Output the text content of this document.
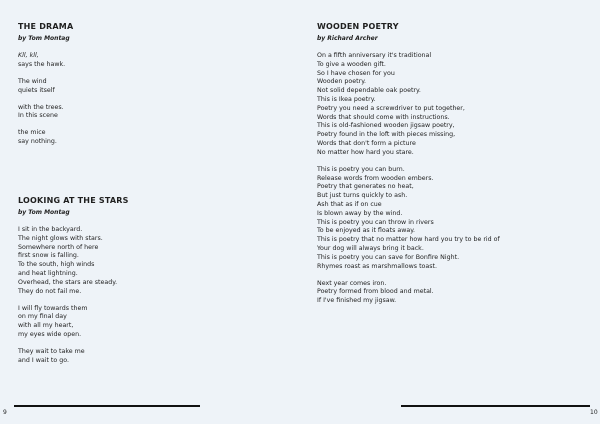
THE DRAMA

by Tom Montag

Kll, kll,
says the hawk.
The wind
quiets itself
with the trees.
In this scene
the mice
say nothing.
LOOKING AT THE STARS

by Tom Montag

I sit in the backyard.
The night glows with stars.
Somewhere north of here
first snow is falling.
To the south, high winds
and heat lightning.
Overhead, the stars are steady.
They do not fail me.
I will fly towards them
on my final day
with all my heart,
my eyes wide open.
They wait to take me
and I wait to go.
9
WOODEN POETRY

by Richard Archer

On a fifth anniversary it's traditional
To give a wooden gift.
So I have chosen for you
Wooden poetry.
Not solid dependable oak poetry.
This is Ikea poetry.
Poetry you need a screwdriver to put together,
Words that should come with instructions.
This is old-fashioned wooden jigsaw poetry,
Poetry found in the loft with pieces missing,
Words that don't form a picture
No matter how hard you stare.
This is poetry you can burn.
Release words from wooden embers.
Poetry that generates no heat,
But just turns quickly to ash.
Ash that as if on cue
Is blown away by the wind.
This is poetry you can throw in rivers
To be enjoyed as it floats away.
This is poetry that no matter how hard you try to be rid of
Your dog will always bring it back.
This is poetry you can save for Bonfire Night.
Rhymes roast as marshmallows toast.
Next year comes iron.
Poetry formed from blood and metal.
If I've finished my jigsaw.
10
